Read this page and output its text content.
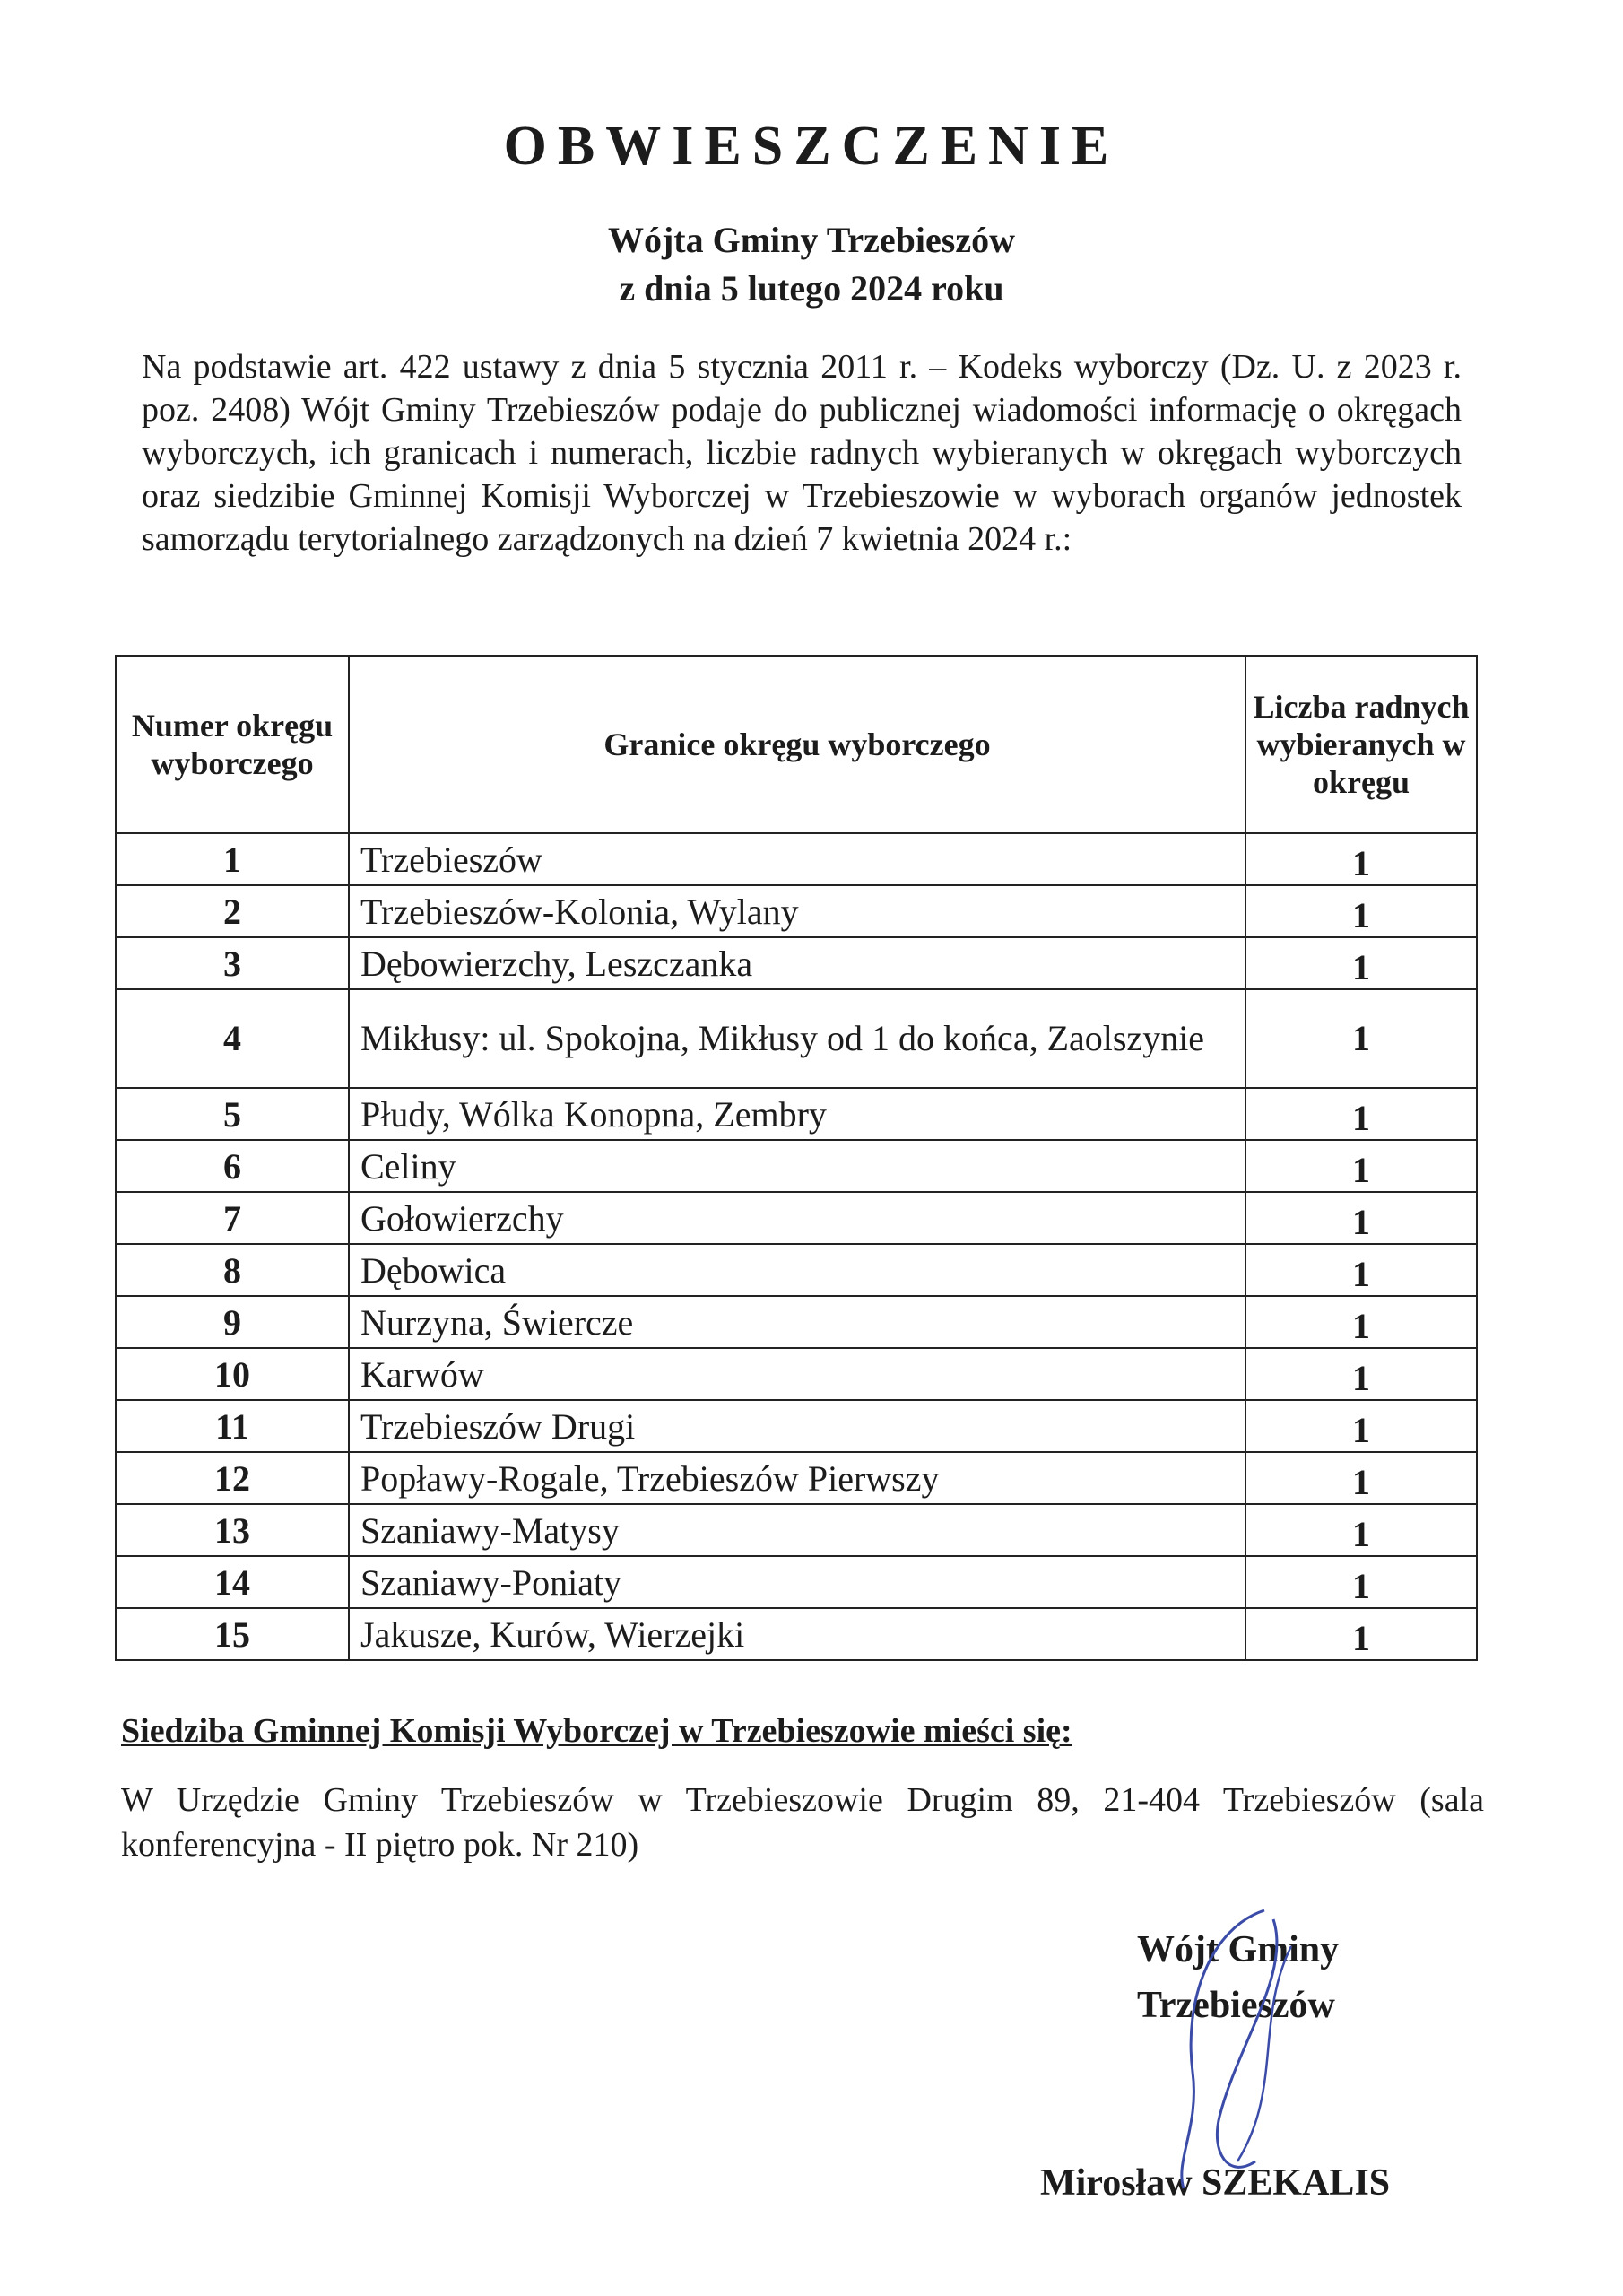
OBWIESZCZENIE
Wójta Gminy Trzebieszów
z dnia 5 lutego 2024 roku
Na podstawie art. 422 ustawy z dnia 5 stycznia 2011 r. – Kodeks wyborczy (Dz. U. z 2023 r. poz. 2408) Wójt Gminy Trzebieszów podaje do publicznej wiadomości informację o okręgach wyborczych, ich granicach i numerach, liczbie radnych wybieranych w okręgach wyborczych oraz siedzibie Gminnej Komisji Wyborczej w Trzebieszowie w wyborach organów jednostek samorządu terytorialnego zarządzonych na dzień 7 kwietnia 2024 r.:
Numer okręgu wyborczego	Granice okręgu wyborczego	Liczba radnych wybieranych w okręgu
1	Trzebieszów	1
2	Trzebieszów-Kolonia, Wylany	1
3	Dębowierzchy, Leszczanka	1
4	Mikłusy: ul. Spokojna, Mikłusy od 1 do końca, Zaolszynie	1
5	Płudy, Wólka Konopna, Zembry	1
6	Celiny	1
7	Gołowierzchy	1
8	Dębowica	1
9	Nurzyna, Świercze	1
10	Karwów	1
11	Trzebieszów Drugi	1
12	Popławy-Rogale, Trzebieszów Pierwszy	1
13	Szaniawy-Matysy	1
14	Szaniawy-Poniaty	1
15	Jakusze, Kurów, Wierzejki	1
Siedziba Gminnej Komisji Wyborczej w Trzebieszowie mieści się:
W Urzędzie Gminy Trzebieszów w Trzebieszowie Drugim 89, 21-404 Trzebieszów (sala konferencyjna - II piętro pok. Nr 210)
Wójt Gminy
Trzebieszów
Mirosław SZEKALIS
